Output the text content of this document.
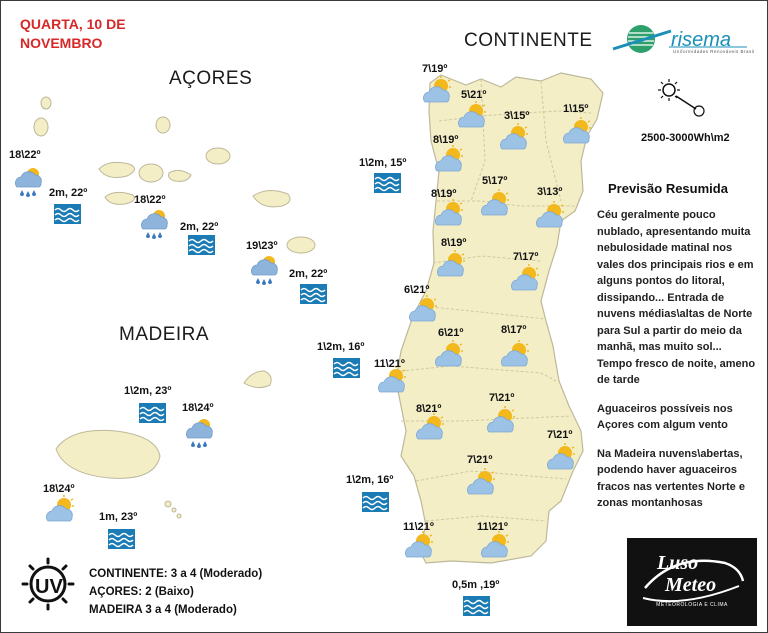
QUARTA, 10 DE
NOVEMBRO
AÇORES
MADEIRA
CONTINENTE
UV
risema
Uniformidades Renováveis Brasil
2500-3000Wh\m2
Previsão Resumida

Céu geralmente pouco nublado, apresentando muita nebulosidade matinal nos vales dos principais rios e em alguns pontos do litoral, dissipando... Entrada de nuvens médias\altas de Norte para Sul a partir do meio da manhã, mas muito sol... Tempo fresco de noite, ameno de tarde

Aguaceiros possíveis nos Açores com algum vento

Na Madeira nuvens\abertas, podendo haver aguaceiros fracos nas vertentes Norte e zonas montanhosas

18\22º
18\22º
19\23º
2m, 22º
2m, 22º
2m, 22º
1\2m, 23º
18\24º
18\24º
1m, 23º
1\2m, 15º
1\2m, 16º
1\2m, 16º
0,5m ,19º
7\19º
5\21º
3\15º
1\15º
8\19º
8\19º
5\17º
3\13º
8\19º
7\17º
6\21º
6\21º	8\17º
11\21º
8\21º
7\21º
7\21º
7\21º
11\21º	11\21º
CONTINENTE: 3 a 4 (Moderado)
AÇORES: 2 (Baixo)
MADEIRA 3 a 4 (Moderado)
Luso
Meteo
METEOROLOGIA E CLIMA
